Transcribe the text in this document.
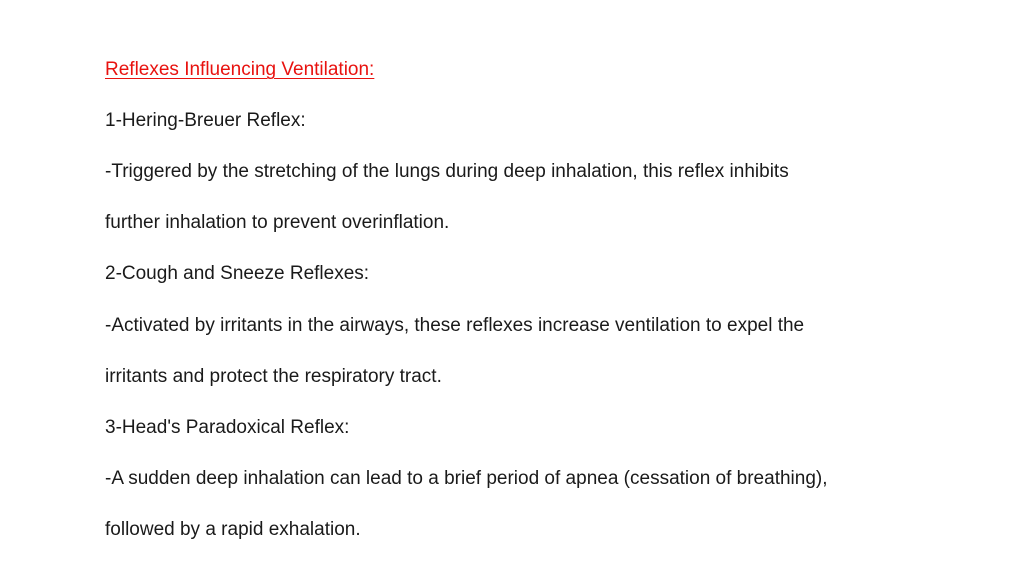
Reflexes Influencing Ventilation:
1-Hering-Breuer Reflex:
-Triggered by the stretching of the lungs during deep inhalation, this reflex inhibits
further inhalation to prevent overinflation.
2-Cough and Sneeze Reflexes:
-Activated by irritants in the airways, these reflexes increase ventilation to expel the
irritants and protect the respiratory tract.
3-Head's Paradoxical Reflex:
-A sudden deep inhalation can lead to a brief period of apnea (cessation of breathing),
followed by a rapid exhalation.
